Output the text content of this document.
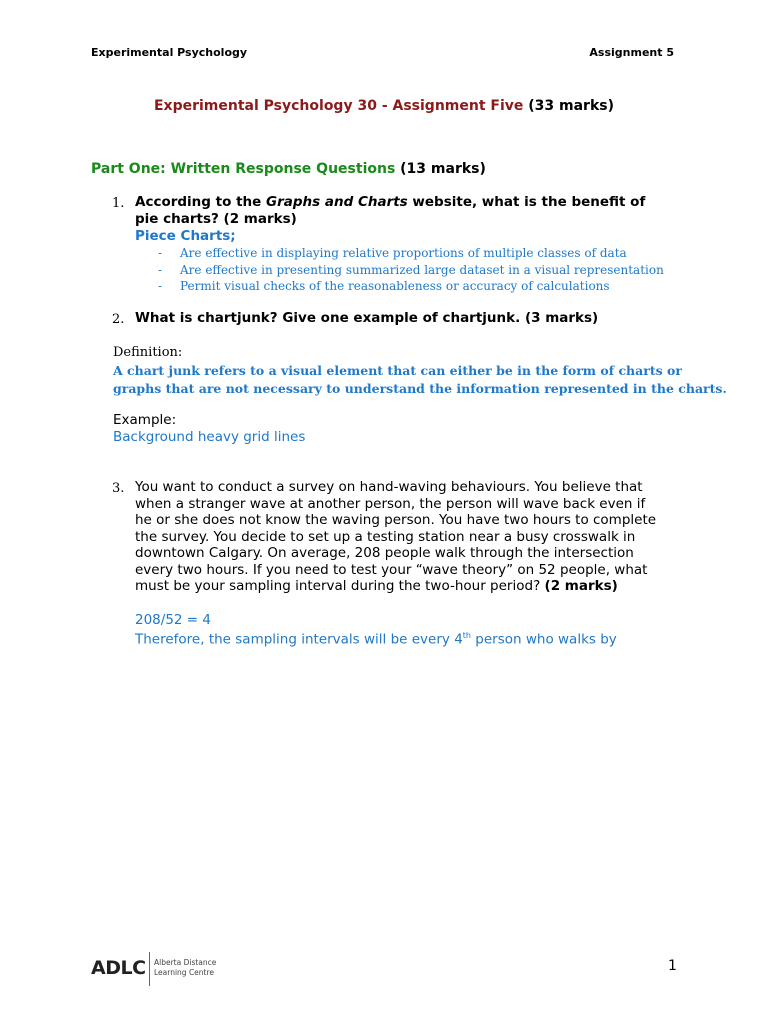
Experimental Psychology	Assignment 5
Experimental Psychology 30 - Assignment Five (33 marks)
Part One: Written Response Questions (13 marks)
1. According to the Graphs and Charts website, what is the benefit of
pie charts? (2 marks)
Piece Charts;
- Are effective in displaying relative proportions of multiple classes of data
- Are effective in presenting summarized large dataset in a visual representation
- Permit visual checks of the reasonableness or accuracy of calculations
2. What is chartjunk? Give one example of chartjunk. (3 marks)
Definition:
A chart junk refers to a visual element that can either be in the form of charts or
graphs that are not necessary to understand the information represented in the charts.
Example:
Background heavy grid lines
3. You want to conduct a survey on hand-waving behaviours. You believe that
when a stranger wave at another person, the person will wave back even if
he or she does not know the waving person. You have two hours to complete
the survey. You decide to set up a testing station near a busy crosswalk in
downtown Calgary. On average, 208 people walk through the intersection
every two hours. If you need to test your “wave theory” on 52 people, what
must be your sampling interval during the two-hour period? (2 marks)
208/52 = 4
Therefore, the sampling intervals will be every 4th person who walks by
ADLC Alberta Distance
Learning Centre	1
